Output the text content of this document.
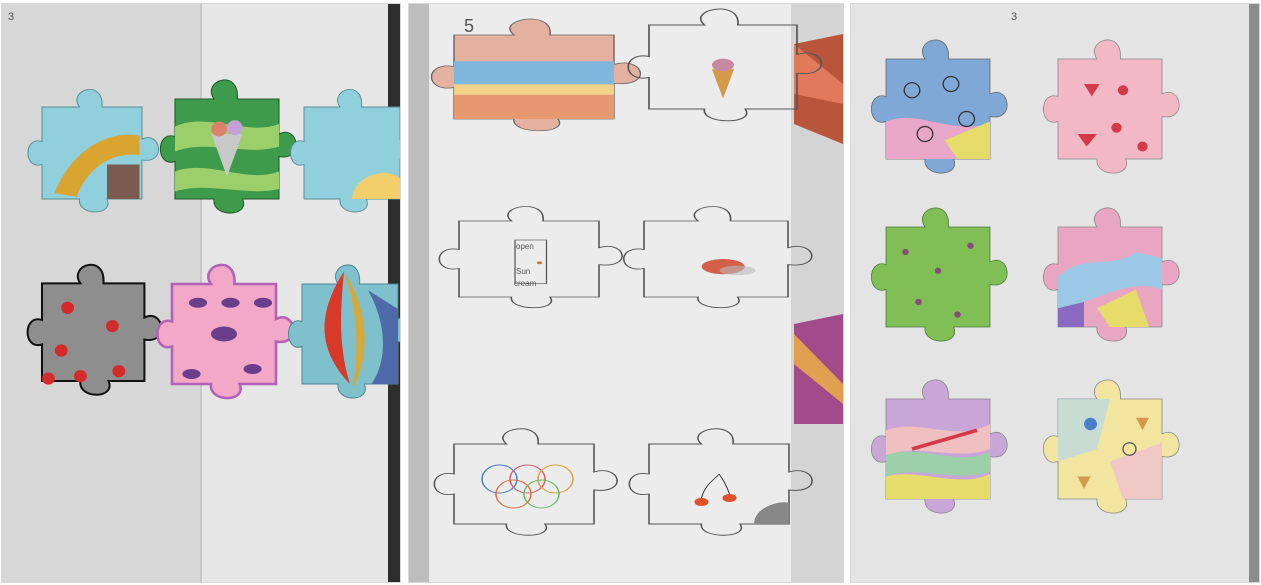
3	5
open
Sun
cream
3
